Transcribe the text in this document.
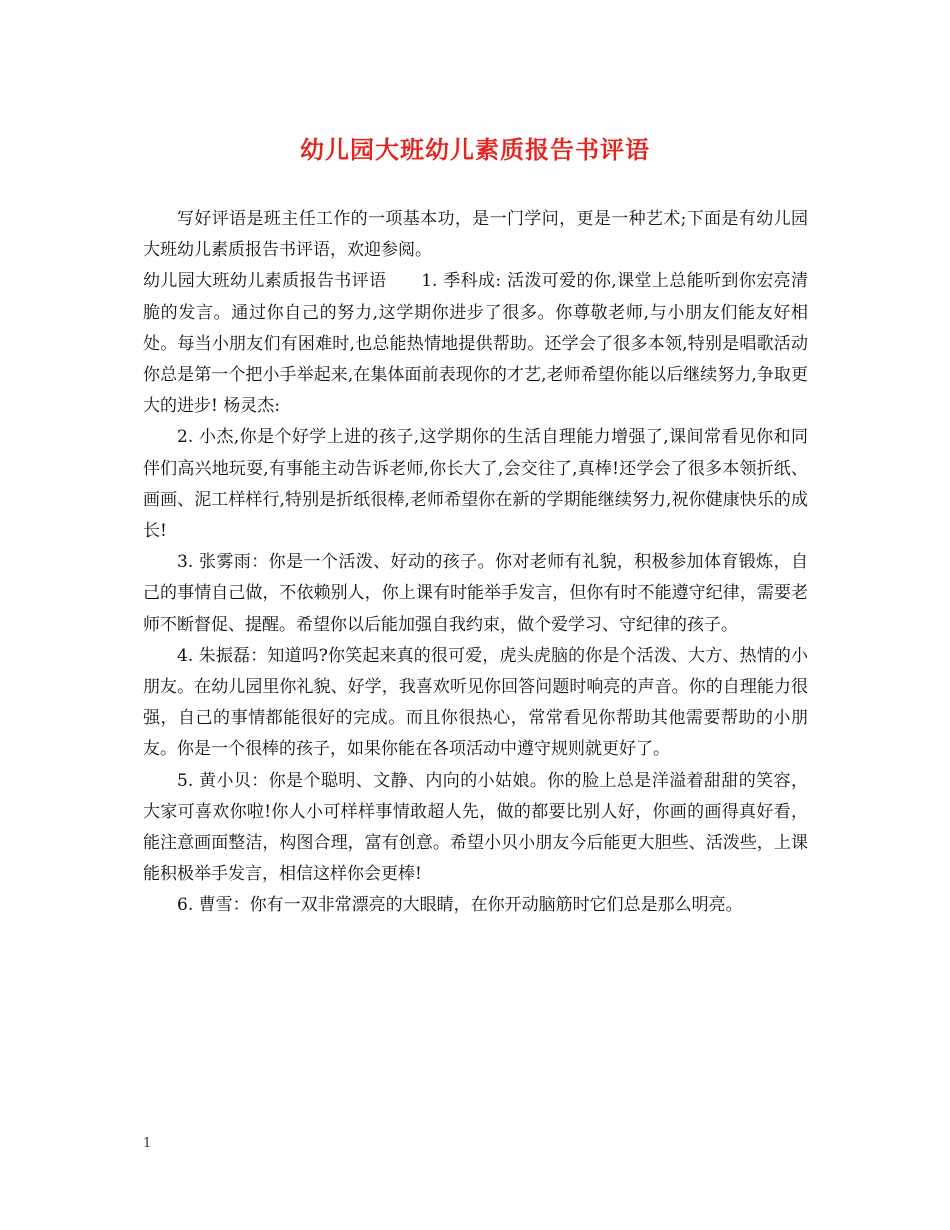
幼儿园大班幼儿素质报告书评语

写好评语是班主任工作的一项基本功，是一门学问，更是一种艺术;下面是有幼儿园大班幼儿素质报告书评语，欢迎参阅。

幼儿园大班幼儿素质报告书评语　　1. 季科成: 活泼可爱的你,课堂上总能听到你宏亮清脆的发言。通过你自己的努力,这学期你进步了很多。你尊敬老师,与小朋友们能友好相处。每当小朋友们有困难时,也总能热情地提供帮助。还学会了很多本领,特别是唱歌活动你总是第一个把小手举起来,在集体面前表现你的才艺,老师希望你能以后继续努力,争取更大的进步! 杨灵杰:

2. 小杰,你是个好学上进的孩子,这学期你的生活自理能力增强了,课间常看见你和同伴们高兴地玩耍,有事能主动告诉老师,你长大了,会交往了,真棒!还学会了很多本领折纸、画画、泥工样样行,特别是折纸很棒,老师希望你在新的学期能继续努力,祝你健康快乐的成长!

3. 张雾雨：你是一个活泼、好动的孩子。你对老师有礼貌，积极参加体育锻炼，自己的事情自己做，不依赖别人，你上课有时能举手发言，但你有时不能遵守纪律，需要老师不断督促、提醒。希望你以后能加强自我约束，做个爱学习、守纪律的孩子。

4. 朱振磊：知道吗?你笑起来真的很可爱，虎头虎脑的你是个活泼、大方、热情的小朋友。在幼儿园里你礼貌、好学，我喜欢听见你回答问题时响亮的声音。你的自理能力很强，自己的事情都能很好的完成。而且你很热心，常常看见你帮助其他需要帮助的小朋友。你是一个很棒的孩子，如果你能在各项活动中遵守规则就更好了。

5. 黄小贝：你是个聪明、文静、内向的小姑娘。你的脸上总是洋溢着甜甜的笑容，大家可喜欢你啦!你人小可样样事情敢超人先，做的都要比别人好，你画的画得真好看，能注意画面整洁，构图合理，富有创意。希望小贝小朋友今后能更大胆些、活泼些，上课能积极举手发言，相信这样你会更棒!

6. 曹雪：你有一双非常漂亮的大眼睛，在你开动脑筋时它们总是那么明亮。

1
